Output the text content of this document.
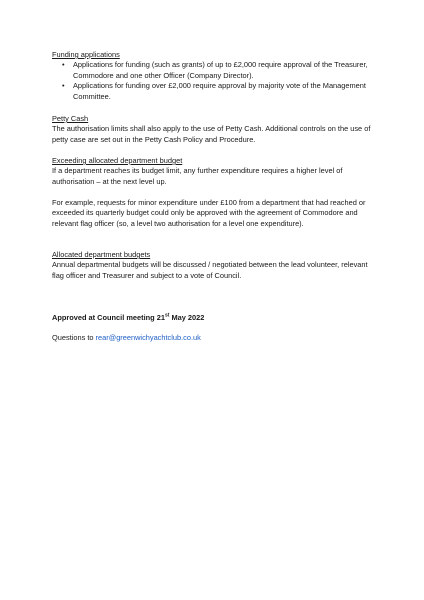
Funding applications
• Applications for funding (such as grants) of up to £2,000 require approval of the Treasurer, Commodore and one other Officer (Company Director).
• Applications for funding over £2,000 require approval by majority vote of the Management Committee.
Petty Cash
The authorisation limits shall also apply to the use of Petty Cash. Additional controls on the use of petty case are set out in the Petty Cash Policy and Procedure.
Exceeding allocated department budget
If a department reaches its budget limit, any further expenditure requires a higher level of authorisation – at the next level up.
For example, requests for minor expenditure under £100 from a department that had reached or exceeded its quarterly budget could only be approved with the agreement of Commodore and relevant flag officer (so, a level two authorisation for a level one expenditure).
Allocated department budgets
Annual departmental budgets will be discussed / negotiated between the lead volunteer, relevant flag officer and Treasurer and subject to a vote of Council.
Approved at Council meeting 21st May 2022
Questions to rear@greenwichyachtclub.co.uk
